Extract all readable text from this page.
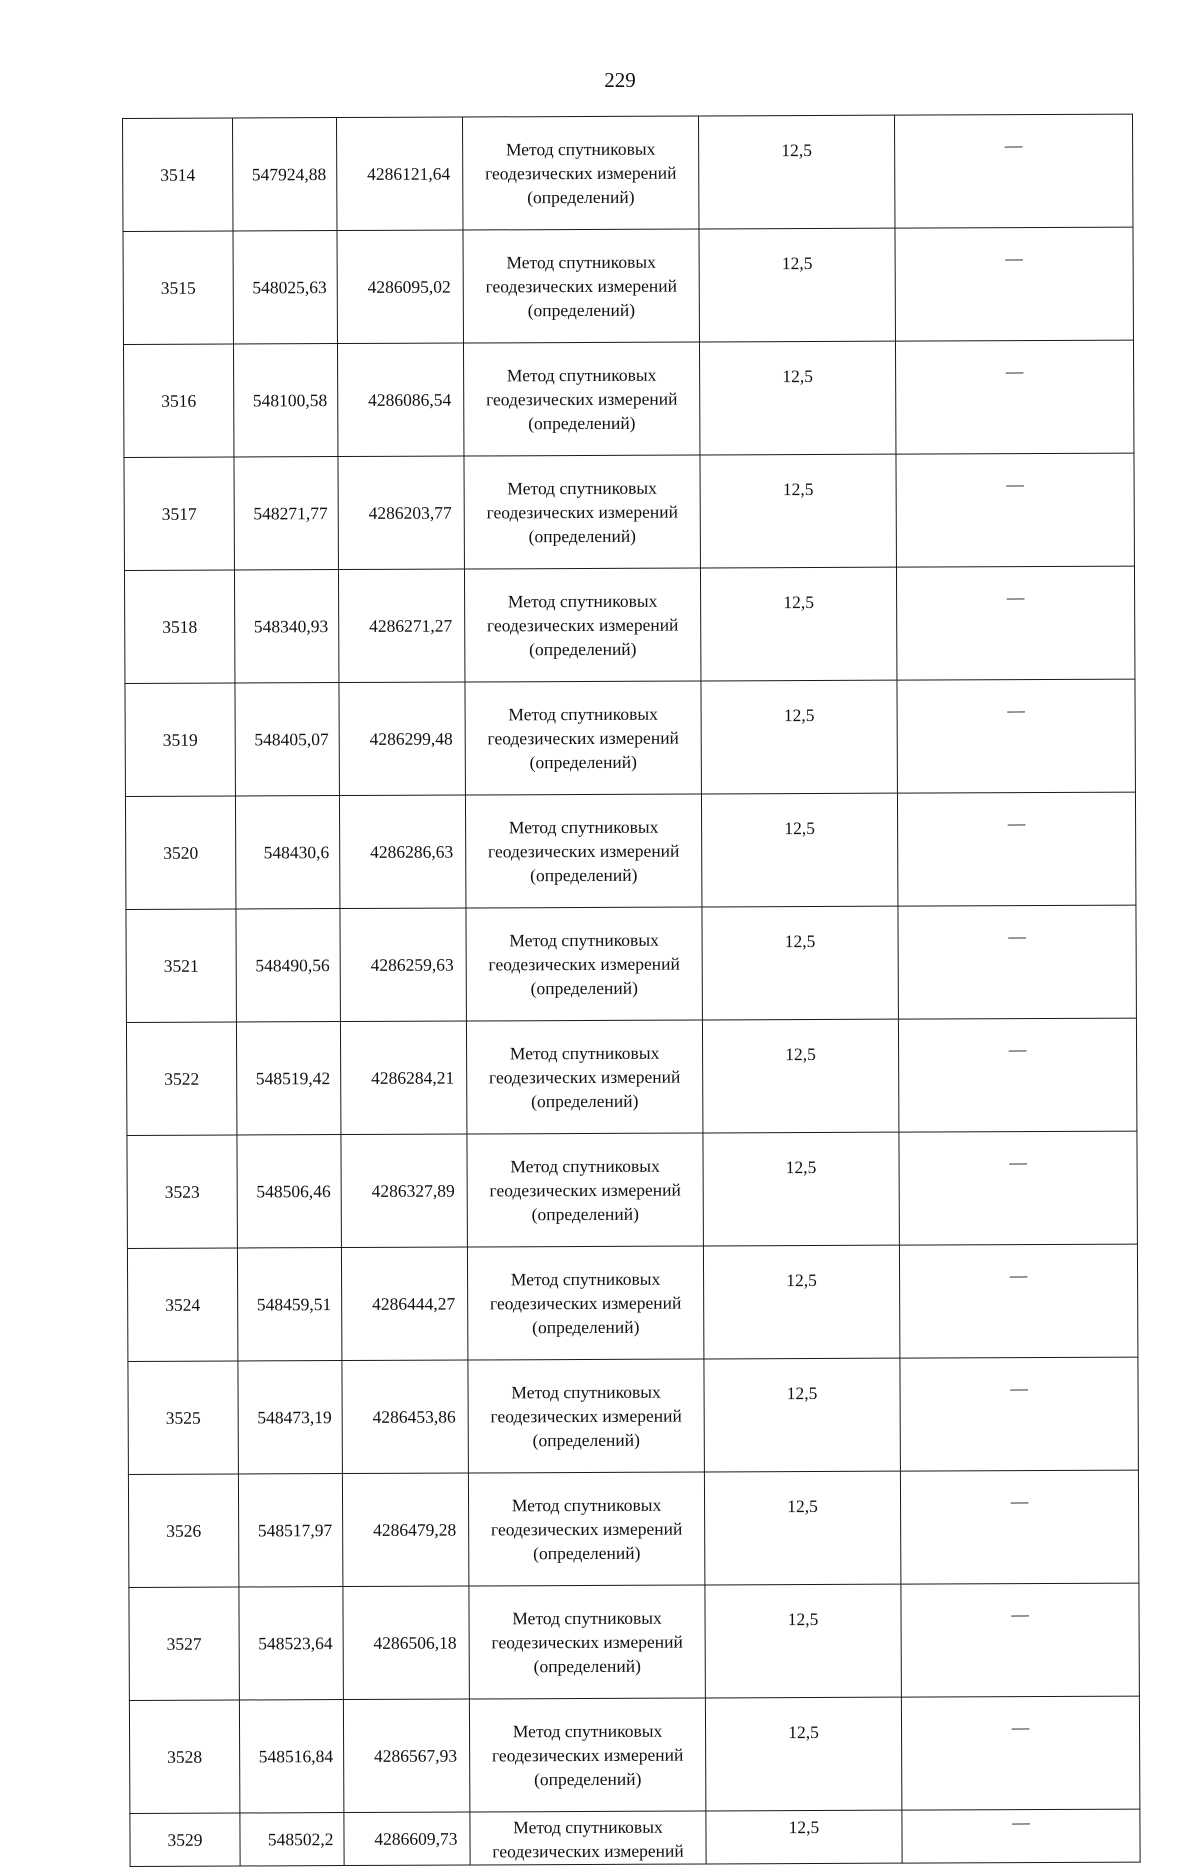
229
3514	547924,88	4286121,64	Метод спутниковых
геодезических измерений
(определений)	12,5	—
3515	548025,63	4286095,02	Метод спутниковых
геодезических измерений
(определений)	12,5	—
3516	548100,58	4286086,54	Метод спутниковых
геодезических измерений
(определений)	12,5	—
3517	548271,77	4286203,77	Метод спутниковых
геодезических измерений
(определений)	12,5	—
3518	548340,93	4286271,27	Метод спутниковых
геодезических измерений
(определений)	12,5	—
3519	548405,07	4286299,48	Метод спутниковых
геодезических измерений
(определений)	12,5	—
3520	548430,6	4286286,63	Метод спутниковых
геодезических измерений
(определений)	12,5	—
3521	548490,56	4286259,63	Метод спутниковых
геодезических измерений
(определений)	12,5	—
3522	548519,42	4286284,21	Метод спутниковых
геодезических измерений
(определений)	12,5	—
3523	548506,46	4286327,89	Метод спутниковых
геодезических измерений
(определений)	12,5	—
3524	548459,51	4286444,27	Метод спутниковых
геодезических измерений
(определений)	12,5	—
3525	548473,19	4286453,86	Метод спутниковых
геодезических измерений
(определений)	12,5	—
3526	548517,97	4286479,28	Метод спутниковых
геодезических измерений
(определений)	12,5	—
3527	548523,64	4286506,18	Метод спутниковых
геодезических измерений
(определений)	12,5	—
3528	548516,84	4286567,93	Метод спутниковых
геодезических измерений
(определений)	12,5	—
3529	548502,2	4286609,73	Метод спутниковых
геодезических измерений	12,5	—
